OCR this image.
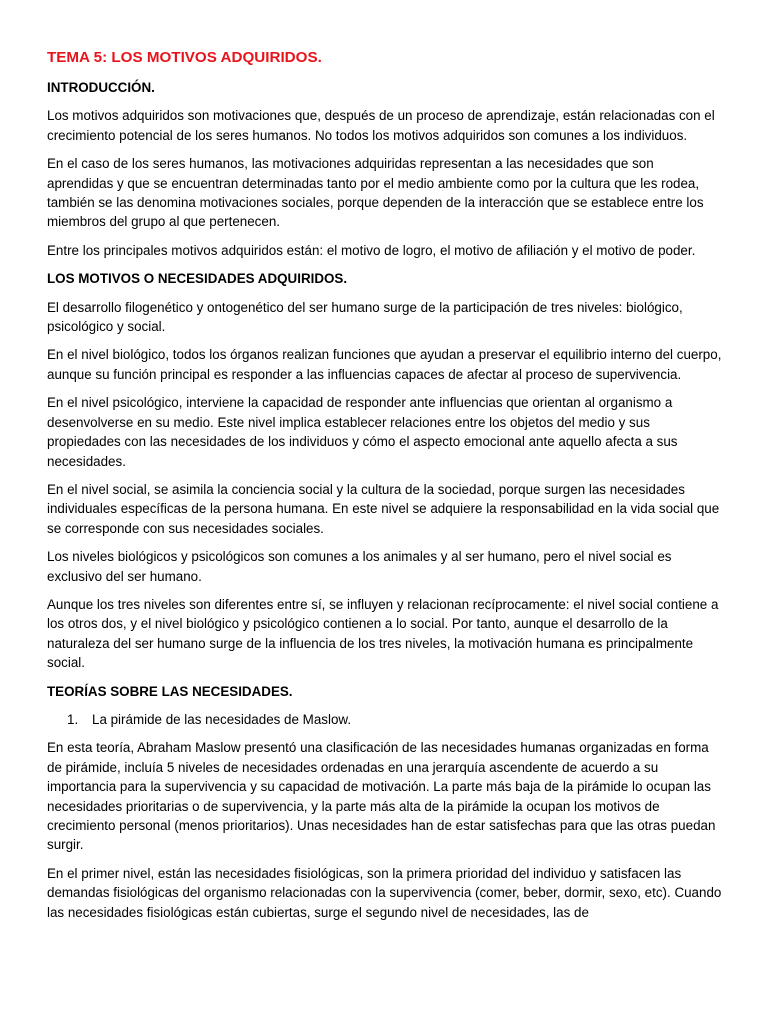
TEMA 5: LOS MOTIVOS ADQUIRIDOS.
INTRODUCCIÓN.

Los motivos adquiridos son motivaciones que, después de un proceso de aprendizaje, están relacionadas con el crecimiento potencial de los seres humanos. No todos los motivos adquiridos son comunes a los individuos.

En el caso de los seres humanos, las motivaciones adquiridas representan a las necesidades que son aprendidas y que se encuentran determinadas tanto por el medio ambiente como por la cultura que les rodea, también se las denomina motivaciones sociales, porque dependen de la interacción que se establece entre los miembros del grupo al que pertenecen.

Entre los principales motivos adquiridos están: el motivo de logro, el motivo de afiliación y el motivo de poder.

LOS MOTIVOS O NECESIDADES ADQUIRIDOS.

El desarrollo filogenético y ontogenético del ser humano surge de la participación de tres niveles: biológico, psicológico y social.

En el nivel biológico, todos los órganos realizan funciones que ayudan a preservar el equilibrio interno del cuerpo, aunque su función principal es responder a las influencias capaces de afectar al proceso de supervivencia.

En el nivel psicológico, interviene la capacidad de responder ante influencias que orientan al organismo a desenvolverse en su medio. Este nivel implica establecer relaciones entre los objetos del medio y sus propiedades con las necesidades de los individuos y cómo el aspecto emocional ante aquello afecta a sus necesidades.

En el nivel social, se asimila la conciencia social y la cultura de la sociedad, porque surgen las necesidades individuales específicas de la persona humana. En este nivel se adquiere la responsabilidad en la vida social que se corresponde con sus necesidades sociales.

Los niveles biológicos y psicológicos son comunes a los animales y al ser humano, pero el nivel social es exclusivo del ser humano.

Aunque los tres niveles son diferentes entre sí, se influyen y relacionan recíprocamente: el nivel social contiene a los otros dos, y el nivel biológico y psicológico contienen a lo social. Por tanto, aunque el desarrollo de la naturaleza del ser humano surge de la influencia de los tres niveles, la motivación humana es principalmente social.

TEORÍAS SOBRE LAS NECESIDADES.
1. La pirámide de las necesidades de Maslow.

En esta teoría, Abraham Maslow presentó una clasificación de las necesidades humanas organizadas en forma de pirámide, incluía 5 niveles de necesidades ordenadas en una jerarquía ascendente de acuerdo a su importancia para la supervivencia y su capacidad de motivación. La parte más baja de la pirámide lo ocupan las necesidades prioritarias o de supervivencia, y la parte más alta de la pirámide la ocupan los motivos de crecimiento personal (menos prioritarios). Unas necesidades han de estar satisfechas para que las otras puedan surgir.

En el primer nivel, están las necesidades fisiológicas, son la primera prioridad del individuo y satisfacen las demandas fisiológicas del organismo relacionadas con la supervivencia (comer, beber, dormir, sexo, etc). Cuando las necesidades fisiológicas están cubiertas, surge el segundo nivel de necesidades, las de
